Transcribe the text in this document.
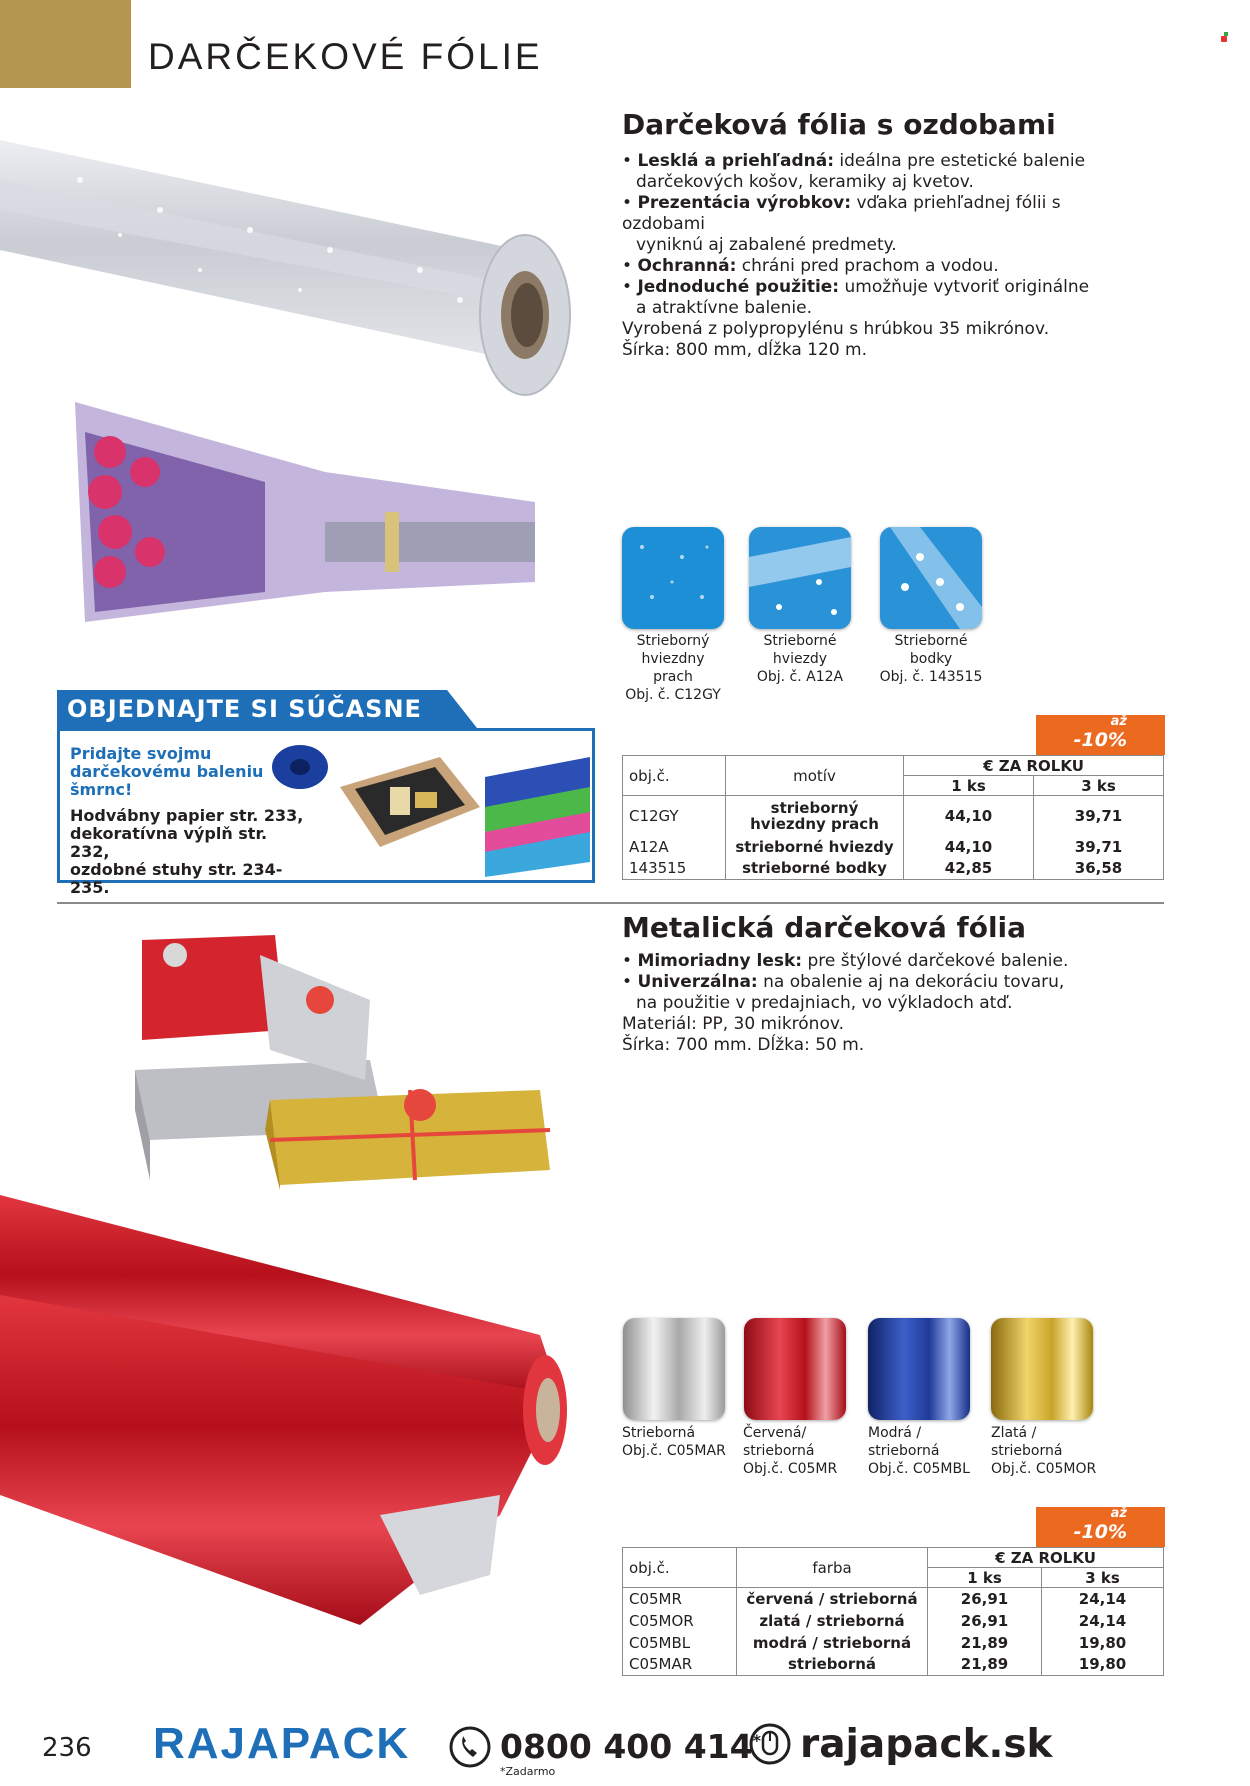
DARČEKOVÉ FÓLIE
Darčeková fólia s ozdobami
• Lesklá a priehľadná: ideálna pre estetické balenie
darčekových košov, keramiky aj kvetov.
• Prezentácia výrobkov: vďaka priehľadnej fólii s ozdobami
vyniknú aj zabalené predmety.
• Ochranná: chráni pred prachom a vodou.
• Jednoduché použitie: umožňuje vytvoriť originálne
a atraktívne balenie.
Vyrobená z polypropylénu s hrúbkou 35 mikrónov.
Šírka: 800 mm, dĺžka 120 m.
Strieborný
hviezdny
prach
Obj. č. C12GY
Strieborné
hviezdy
Obj. č. A12A
Strieborné
bodky
Obj. č. 143515
OBJEDNAJTE SI SÚČASNE
Pridajte svojmu darčekovému baleniu šmrnc!
Hodvábny papier str. 233,
dekoratívna výplň str. 232,
ozdobné stuhy str. 234-235.
až
-10%
obj.č.	motív	€ ZA ROLKU	
		1 ks	3 ks
C12GY	strieborný hviezdny prach	44,10	39,71
A12A	strieborné hviezdy	44,10	39,71
143515	strieborné bodky	42,85	36,58
Metalická darčeková fólia
• Mimoriadny lesk: pre štýlové darčekové balenie.
• Univerzálna: na obalenie aj na dekoráciu tovaru,
na použitie v predajniach, vo výkladoch atď.
Materiál: PP, 30 mikrónov.
Šírka: 700 mm. Dĺžka: 50 m.
Strieborná
Obj.č. C05MAR
Červená/
strieborná
Obj.č. C05MR
Modrá /
strieborná
Obj.č. C05MBL
Zlatá /
strieborná
Obj.č. C05MOR
až
-10%
obj.č.	farba	€ ZA ROLKU	
		1 ks	3 ks
C05MR	červená / strieborná	26,91	24,14
C05MOR	zlatá / strieborná	26,91	24,14
C05MBL	modrá / strieborná	21,89	19,80
C05MAR	strieborná	21,89	19,80
236 RAJAPACK	0800 400 414*
*Zadarmo
rajapack.sk
